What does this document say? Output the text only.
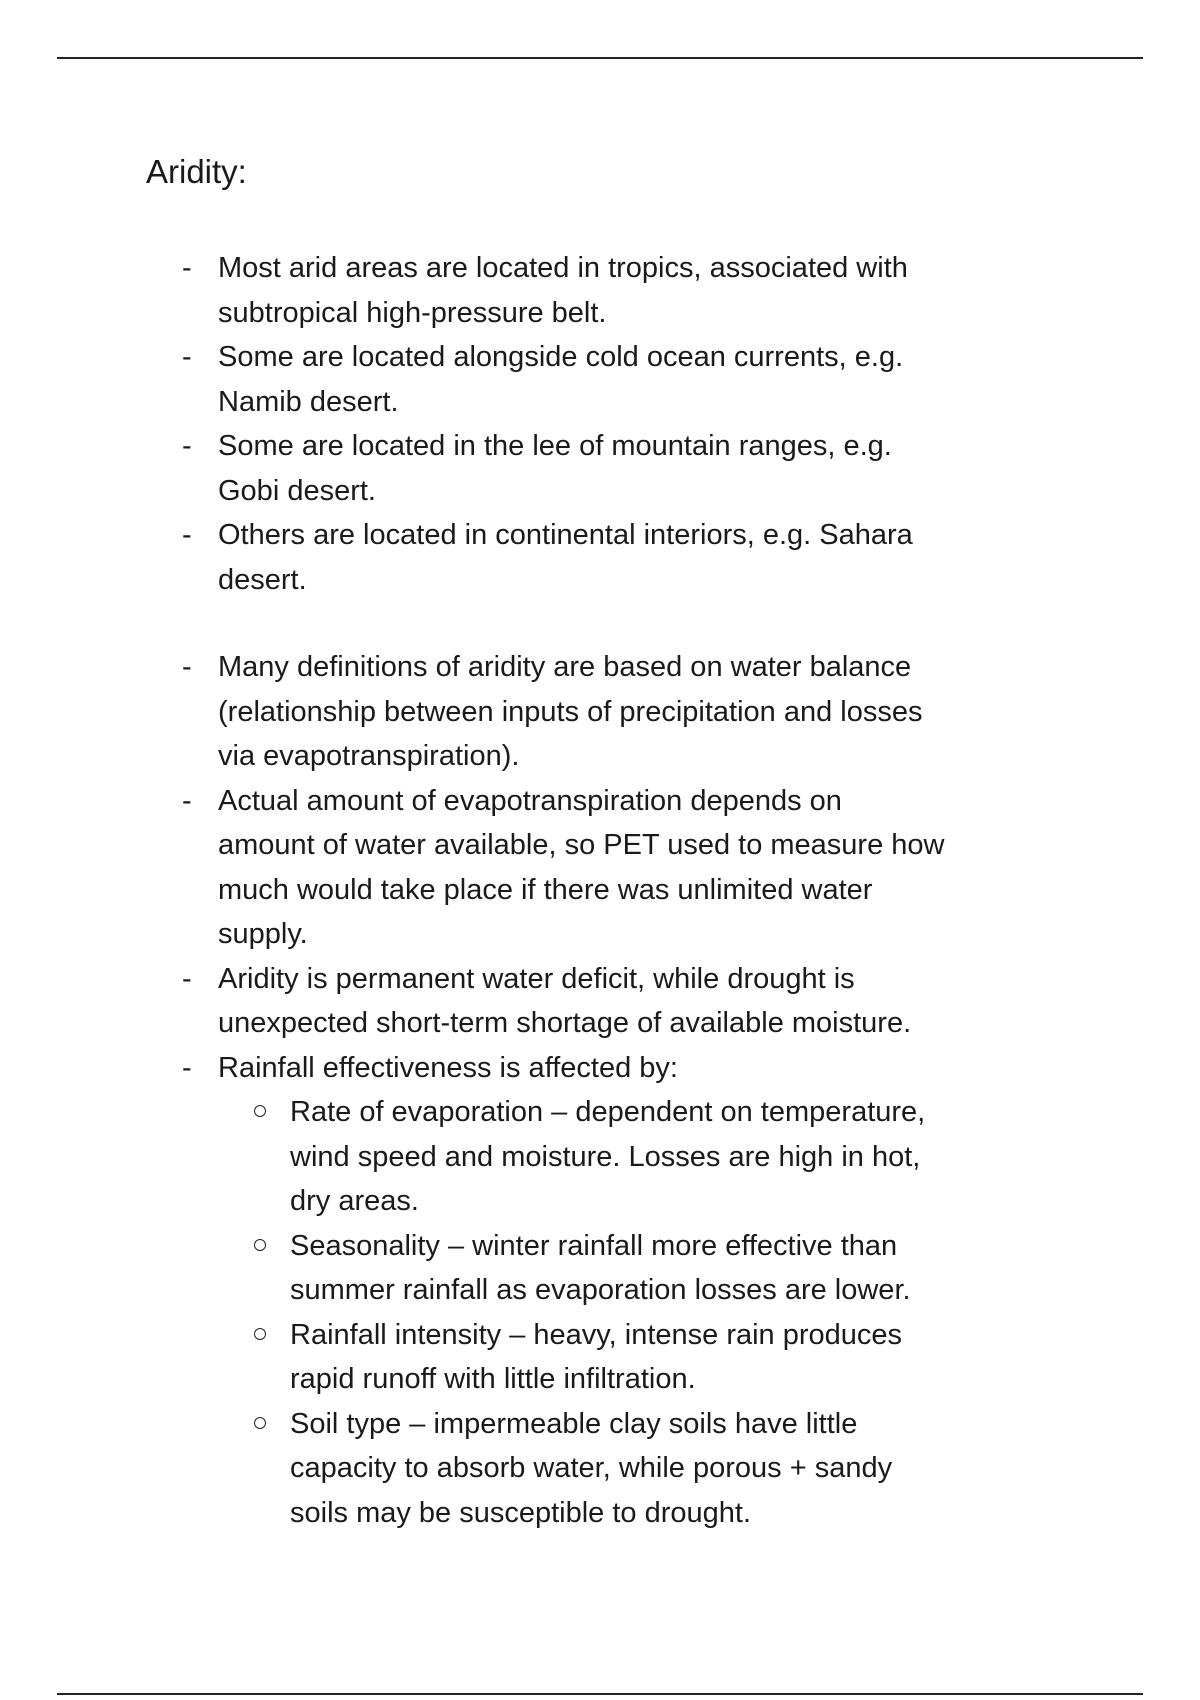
Aridity:
- Most arid areas are located in tropics, associated with
subtropical high-pressure belt.
- Some are located alongside cold ocean currents, e.g.
Namib desert.
- Some are located in the lee of mountain ranges, e.g.
Gobi desert.
- Others are located in continental interiors, e.g. Sahara
desert.
- Many definitions of aridity are based on water balance
(relationship between inputs of precipitation and losses
via evapotranspiration).
- Actual amount of evapotranspiration depends on
amount of water available, so PET used to measure how
much would take place if there was unlimited water
supply.
- Aridity is permanent water deficit, while drought is
unexpected short-term shortage of available moisture.
- Rainfall effectiveness is affected by:
Rate of evaporation – dependent on temperature,
wind speed and moisture. Losses are high in hot,
dry areas.
Seasonality – winter rainfall more effective than
summer rainfall as evaporation losses are lower.
Rainfall intensity – heavy, intense rain produces
rapid runoff with little infiltration.
Soil type – impermeable clay soils have little
capacity to absorb water, while porous + sandy
soils may be susceptible to drought.
